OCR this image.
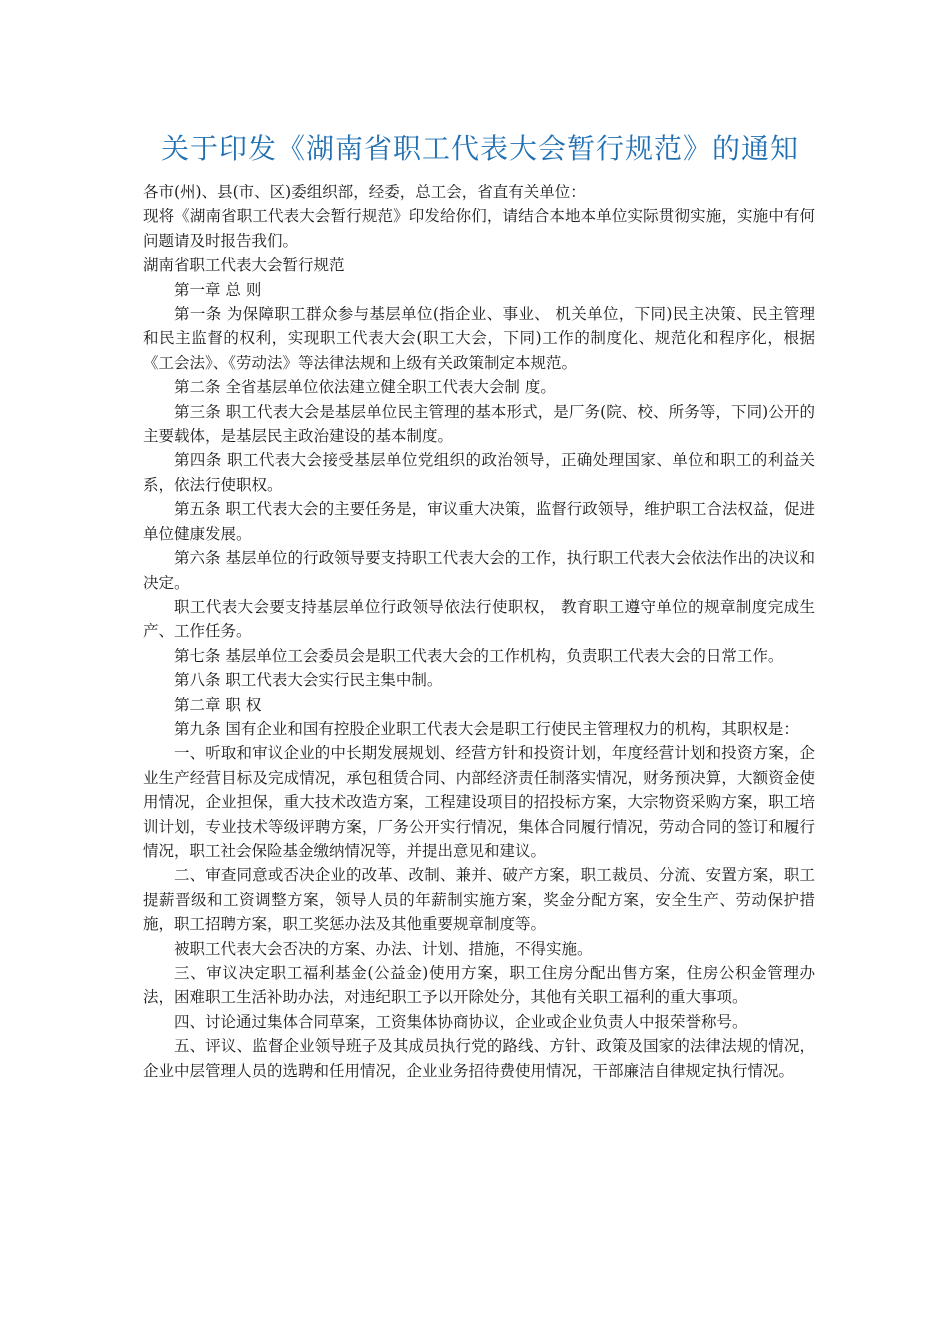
关于印发《湖南省职工代表大会暂行规范》的通知

各市(州)、县(市、区)委组织部，经委，总工会，省直有关单位：

现将《湖南省职工代表大会暂行规范》印发给你们，请结合本地本单位实际贯彻实施，实施中有何问题请及时报告我们。

湖南省职工代表大会暂行规范

第一章 总 则

第一条 为保障职工群众参与基层单位(指企业、事业、 机关单位，下同)民主决策、民主管理和民主监督的权利，实现职工代表大会(职工大会，下同)工作的制度化、规范化和程序化，根据《工会法》、《劳动法》等法律法规和上级有关政策制定本规范。

第二条 全省基层单位依法建立健全职工代表大会制 度。

第三条 职工代表大会是基层单位民主管理的基本形式，是厂务(院、校、所务等，下同)公开的主要载体，是基层民主政治建设的基本制度。

第四条 职工代表大会接受基层单位党组织的政治领导，正确处理国家、单位和职工的利益关系，依法行使职权。

第五条 职工代表大会的主要任务是，审议重大决策，监督行政领导，维护职工合法权益，促进单位健康发展。

第六条 基层单位的行政领导要支持职工代表大会的工作，执行职工代表大会依法作出的决议和决定。

职工代表大会要支持基层单位行政领导依法行使职权， 教育职工遵守单位的规章制度完成生产、工作任务。

第七条 基层单位工会委员会是职工代表大会的工作机构，负责职工代表大会的日常工作。

第八条 职工代表大会实行民主集中制。

第二章 职 权

第九条 国有企业和国有控股企业职工代表大会是职工行使民主管理权力的机构，其职权是：

一、听取和审议企业的中长期发展规划、经营方针和投资计划，年度经营计划和投资方案，企业生产经营目标及完成情况，承包租赁合同、内部经济责任制落实情况，财务预决算，大额资金使用情况，企业担保，重大技术改造方案，工程建设项目的招投标方案，大宗物资采购方案，职工培训计划，专业技术等级评聘方案，厂务公开实行情况，集体合同履行情况，劳动合同的签订和履行情况，职工社会保险基金缴纳情况等，并提出意见和建议。

二、审查同意或否决企业的改革、改制、兼并、破产方案，职工裁员、分流、安置方案，职工提薪晋级和工资调整方案，领导人员的年薪制实施方案，奖金分配方案，安全生产、劳动保护措施，职工招聘方案，职工奖惩办法及其他重要规章制度等。

被职工代表大会否决的方案、办法、计划、措施，不得实施。

三、审议决定职工福利基金(公益金)使用方案，职工住房分配出售方案，住房公积金管理办法，困难职工生活补助办法，对违纪职工予以开除处分，其他有关职工福利的重大事项。

四、讨论通过集体合同草案，工资集体协商协议，企业或企业负责人中报荣誉称号。

五、评议、监督企业领导班子及其成员执行党的路线、方针、政策及国家的法律法规的情况，企业中层管理人员的选聘和任用情况，企业业务招待费使用情况，干部廉洁自律规定执行情况。
